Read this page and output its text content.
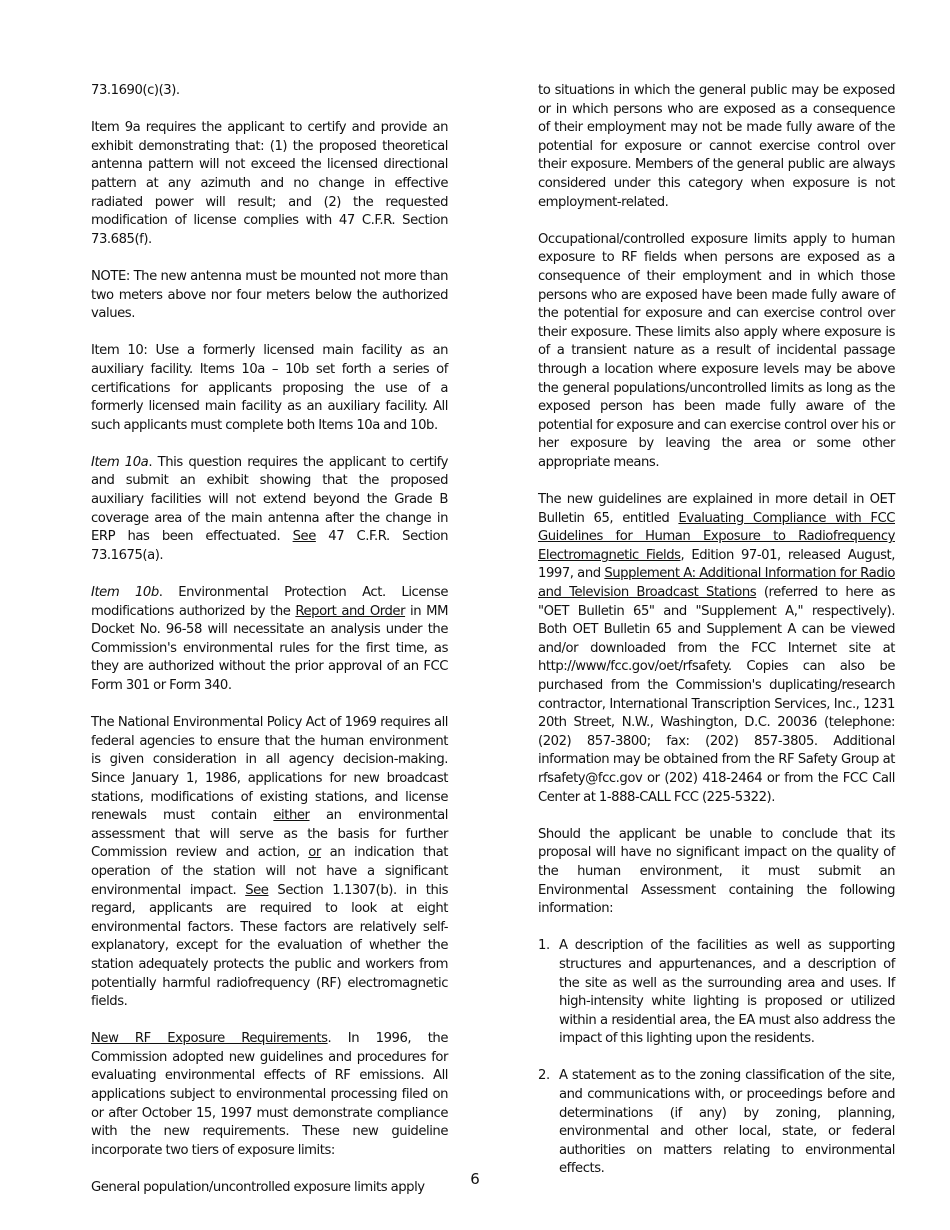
73.1690(c)(3).

Item 9a requires the applicant to certify and provide an exhibit demonstrating that: (1) the proposed theoretical antenna pattern will not exceed the licensed directional pattern at any azimuth and no change in effective radiated power will result; and (2) the requested modification of license complies with 47 C.F.R. Section 73.685(f).

NOTE: The new antenna must be mounted not more than two meters above nor four meters below the authorized values.

Item 10: Use a formerly licensed main facility as an auxiliary facility. Items 10a – 10b set forth a series of certifications for applicants proposing the use of a formerly licensed main facility as an auxiliary facility. All such applicants must complete both Items 10a and 10b.

Item 10a. This question requires the applicant to certify and submit an exhibit showing that the proposed auxiliary facilities will not extend beyond the Grade B coverage area of the main antenna after the change in ERP has been effectuated. See 47 C.F.R. Section 73.1675(a).

Item 10b. Environmental Protection Act. License modifications authorized by the Report and Order in MM Docket No. 96-58 will necessitate an analysis under the Commission's environmental rules for the first time, as they are authorized without the prior approval of an FCC Form 301 or Form 340.

The National Environmental Policy Act of 1969 requires all federal agencies to ensure that the human environment is given consideration in all agency decision-making. Since January 1, 1986, applications for new broadcast stations, modifications of existing stations, and license renewals must contain either an environmental assessment that will serve as the basis for further Commission review and action, or an indication that operation of the station will not have a significant environmental impact. See Section 1.1307(b). in this regard, applicants are required to look at eight environmental factors. These factors are relatively self-explanatory, except for the evaluation of whether the station adequately protects the public and workers from potentially harmful radiofrequency (RF) electromagnetic fields.

New RF Exposure Requirements. In 1996, the Commission adopted new guidelines and procedures for evaluating environmental effects of RF emissions. All applications subject to environmental processing filed on or after October 15, 1997 must demonstrate compliance with the new requirements. These new guideline incorporate two tiers of exposure limits:

General population/uncontrolled exposure limits apply

to situations in which the general public may be exposed or in which persons who are exposed as a consequence of their employment may not be made fully aware of the potential for exposure or cannot exercise control over their exposure. Members of the general public are always considered under this category when exposure is not employment-related.

Occupational/controlled exposure limits apply to human exposure to RF fields when persons are exposed as a consequence of their employment and in which those persons who are exposed have been made fully aware of the potential for exposure and can exercise control over their exposure. These limits also apply where exposure is of a transient nature as a result of incidental passage through a location where exposure levels may be above the general populations/uncontrolled limits as long as the exposed person has been made fully aware of the potential for exposure and can exercise control over his or her exposure by leaving the area or some other appropriate means.

The new guidelines are explained in more detail in OET Bulletin 65, entitled Evaluating Compliance with FCC Guidelines for Human Exposure to Radiofrequency Electromagnetic Fields, Edition 97-01, released August, 1997, and Supplement A: Additional Information for Radio and Television Broadcast Stations (referred to here as "OET Bulletin 65" and "Supplement A," respectively). Both OET Bulletin 65 and Supplement A can be viewed and/or downloaded from the FCC Internet site at http://www/fcc.gov/oet/rfsafety. Copies can also be purchased from the Commission's duplicating/research contractor, International Transcription Services, Inc., 1231 20th Street, N.W., Washington, D.C. 20036 (telephone: (202) 857-3800; fax: (202) 857-3805. Additional information may be obtained from the RF Safety Group at rfsafety@fcc.gov or (202) 418-2464 or from the FCC Call Center at 1-888-CALL FCC (225-5322).

Should the applicant be unable to conclude that its proposal will have no significant impact on the quality of the human environment, it must submit an Environmental Assessment containing the following information:

1. A description of the facilities as well as supporting structures and appurtenances, and a description of the site as well as the surrounding area and uses. If high-intensity white lighting is proposed or utilized within a residential area, the EA must also address the impact of this lighting upon the residents.
2. A statement as to the zoning classification of the site, and communications with, or proceedings before and determinations (if any) by zoning, planning, environmental and other local, state, or federal authorities on matters relating to environmental effects.
6
